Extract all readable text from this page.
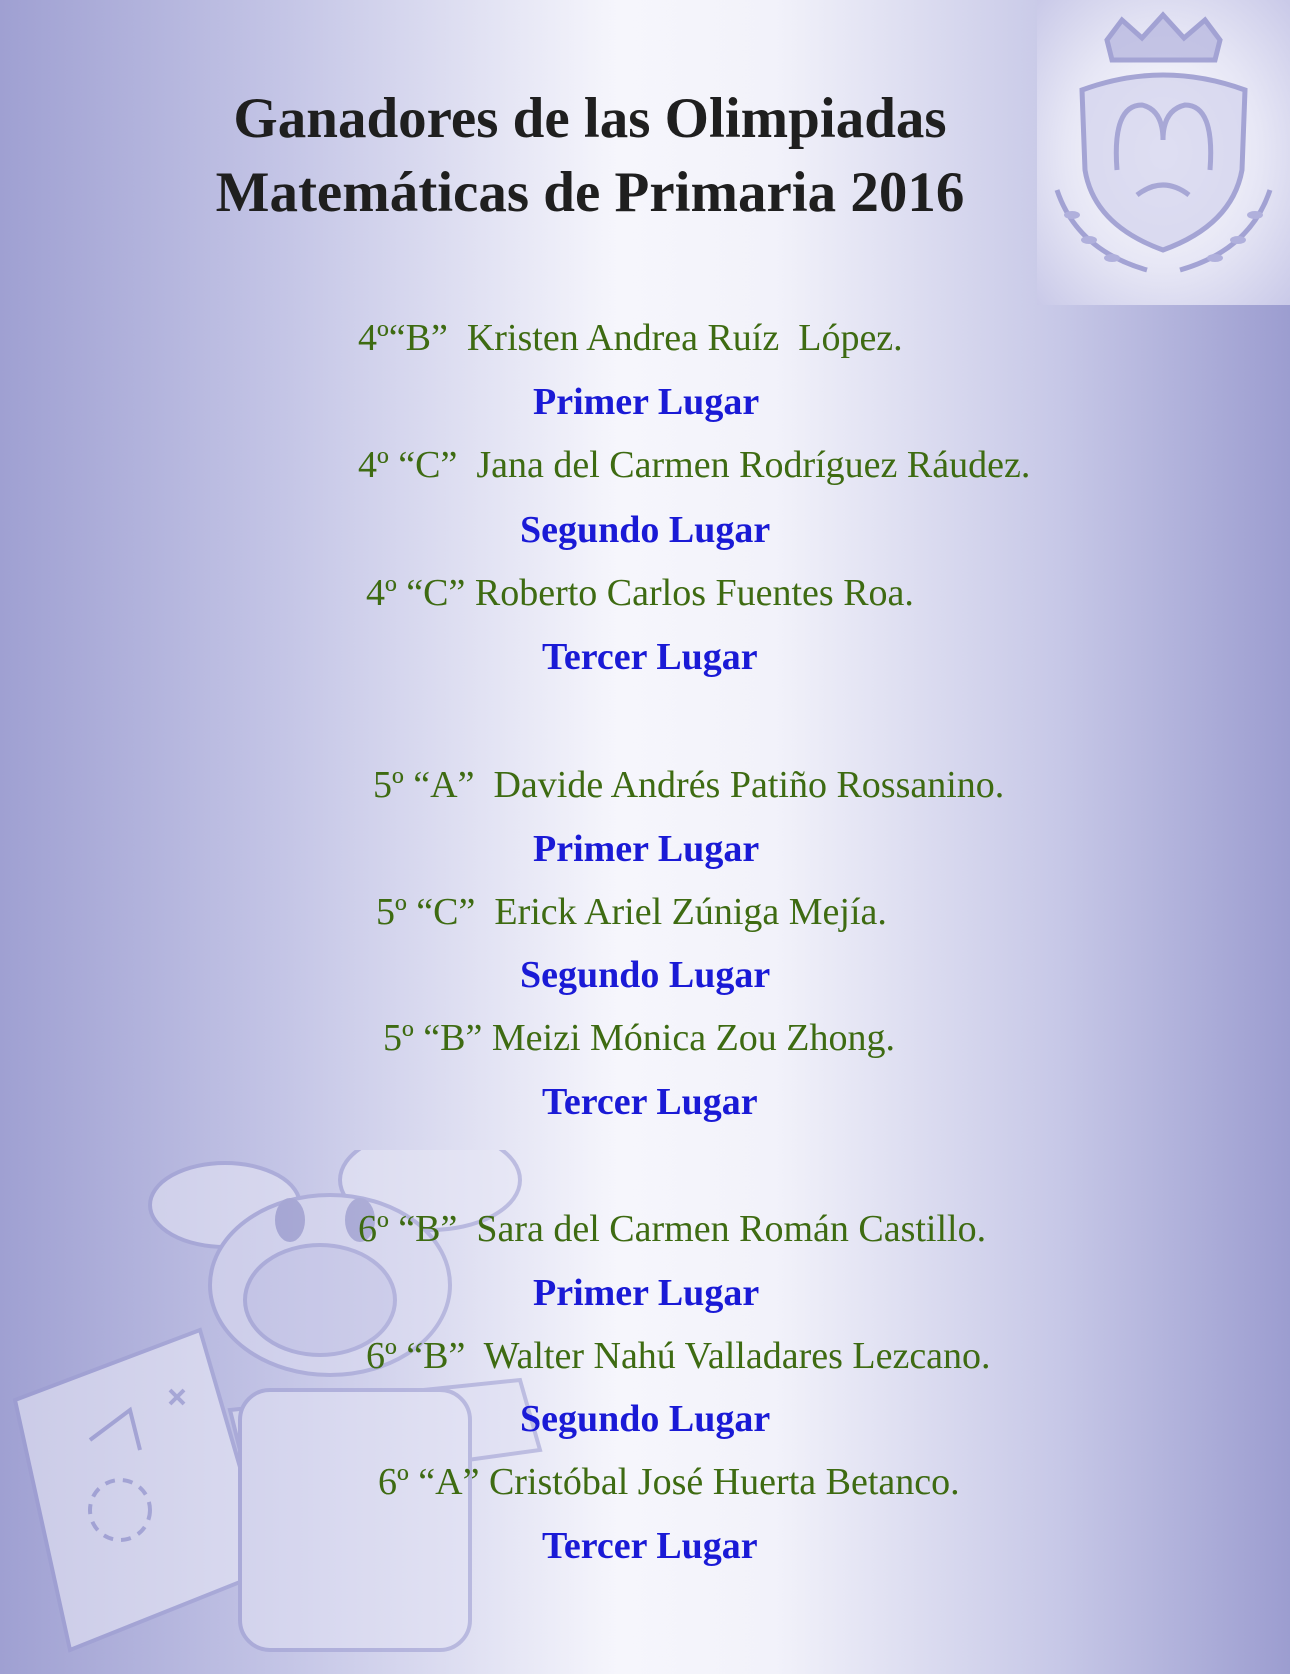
Ganadores de las Olimpiadas
Matemáticas de Primaria 2016
4º“B”  Kristen Andrea Ruíz  López.
Primer Lugar
4º “C”  Jana del Carmen Rodríguez Ráudez.
Segundo Lugar
4º “C” Roberto Carlos Fuentes Roa.
Tercer Lugar
5º “A”  Davide Andrés Patiño Rossanino.
Primer Lugar
5º “C”  Erick Ariel Zúniga Mejía.
Segundo Lugar
5º “B” Meizi Mónica Zou Zhong.
Tercer Lugar
6º “B”  Sara del Carmen Román Castillo.
Primer Lugar
6º “B”  Walter Nahú Valladares Lezcano.
Segundo Lugar
6º “A” Cristóbal José Huerta Betanco.
Tercer Lugar
